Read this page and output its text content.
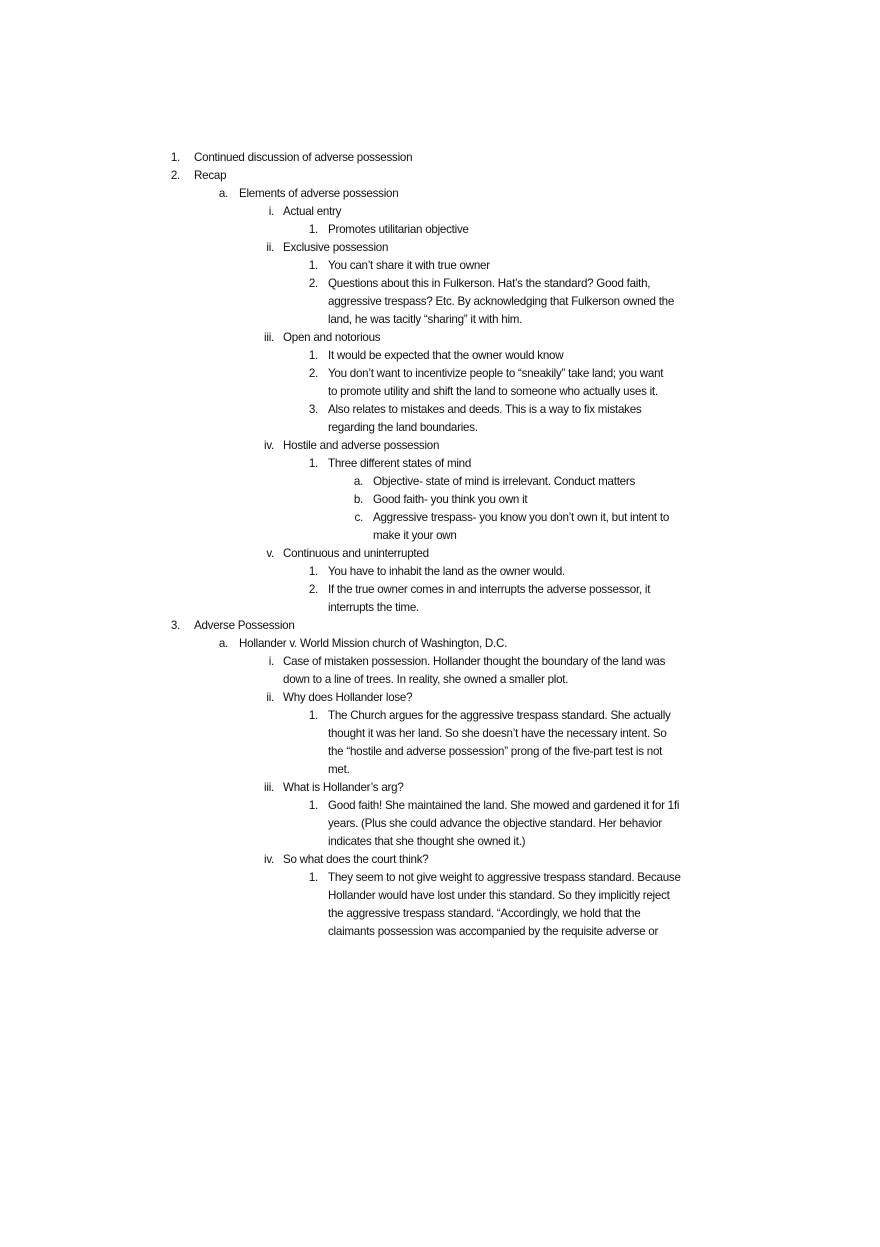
1. Continued discussion of adverse possession
2. Recap
a. Elements of adverse possession
i. Actual entry
1. Promotes utilitarian objective
ii. Exclusive possession
1. You can’t share it with true owner
2. Questions about this in Fulkerson. Hat’s the standard? Good faith,
aggressive trespass? Etc. By acknowledging that Fulkerson owned the
land, he was tacitly “sharing” it with him.
iii. Open and notorious
1. It would be expected that the owner would know
2. You don’t want to incentivize people to “sneakily” take land; you want
to promote utility and shift the land to someone who actually uses it.
3. Also relates to mistakes and deeds. This is a way to fix mistakes
regarding the land boundaries.
iv. Hostile and adverse possession
1. Three different states of mind
a. Objective- state of mind is irrelevant. Conduct matters
b. Good faith- you think you own it
c. Aggressive trespass- you know you don’t own it, but intent to
make it your own
v. Continuous and uninterrupted
1. You have to inhabit the land as the owner would.
2. If the true owner comes in and interrupts the adverse possessor, it
interrupts the time.
3. Adverse Possession
a. Hollander v. World Mission church of Washington, D.C.
i. Case of mistaken possession. Hollander thought the boundary of the land was
down to a line of trees. In reality, she owned a smaller plot.
ii. Why does Hollander lose?
1. The Church argues for the aggressive trespass standard. She actually
thought it was her land. So she doesn’t have the necessary intent. So
the “hostile and adverse possession” prong of the five-part test is not
met.
iii. What is Hollander’s arg?
1. Good faith! She maintained the land. She mowed and gardened it for 1fi
years. (Plus she could advance the objective standard. Her behavior
indicates that she thought she owned it.)
iv. So what does the court think?
1. They seem to not give weight to aggressive trespass standard. Because
Hollander would have lost under this standard. So they implicitly reject
the aggressive trespass standard. “Accordingly, we hold that the
claimants possession was accompanied by the requisite adverse or
